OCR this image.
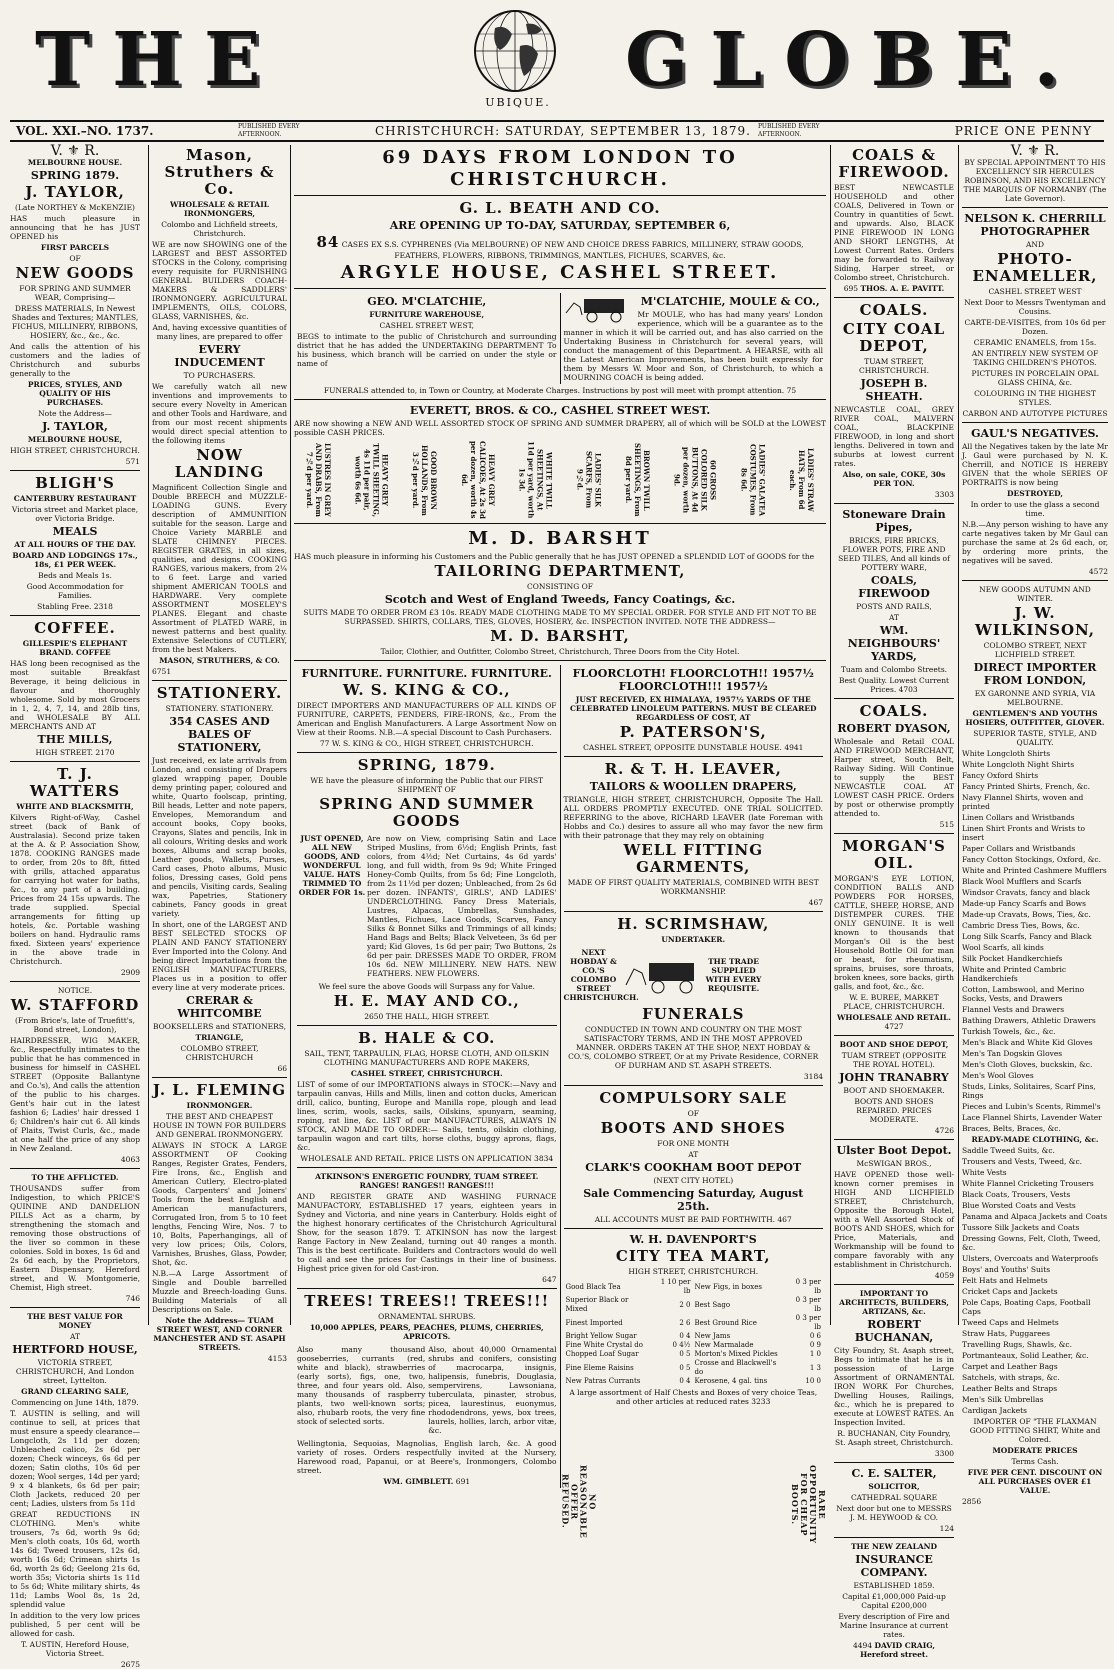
THE	UBIQUE. GLOBE.
VOL. XXI.–NO. 1737.	PUBLISHED EVERY AFTERNOON.	CHRISTCHURCH: SATURDAY, SEPTEMBER 13, 1879. PUBLISHED EVERY AFTERNOON.	PRICE ONE PENNY

V. ⚜ R.

MELBOURNE HOUSE.

SPRING 1879.

J. TAYLOR,

(Late NORTHEY & McKENZIE)

HAS much pleasure in announcing that he has JUST OPENED his

FIRST PARCELS

OF

NEW GOODS

FOR SPRING AND SUMMER WEAR, Comprising—

DRESS MATERIALS, In Newest Shades and Textures; MANTLES, FICHUS, MILLINERY, RIBBONS, HOSIERY, &c., &c., &c.

And calls the attention of his customers and the ladies of Christchurch and suburbs generally to the

PRICES, STYLES, AND QUALITY OF HIS PURCHASES.

Note the Address—

J. TAYLOR,

MELBOURNE HOUSE,

HIGH STREET, CHRISTCHURCH.

571

BLIGH'S

CANTERBURY RESTAURANT

Victoria street and Market place, over Victoria Bridge.

MEALS

AT ALL HOURS OF THE DAY.

BOARD AND LODGINGS 17s., 18s, £1 PER WEEK.

Beds and Meals 1s.

Good Accommodation for Families.

Stabling Free. 2318

COFFEE.

GILLESPIE'S ELEPHANT BRAND. COFFEE

HAS long been recognised as the most suitable Breakfast Beverage, it being delicious in flavour and thoroughly wholesome. Sold by most Grocers in 1, 2, 4, 7, 14, and 28lb tins, and WHOLESALE BY ALL MERCHANTS AND AT

THE MILLS,

HIGH STREET. 2170

T. J. WATTERS

WHITE AND BLACKSMITH,

Kilvers Right-of-Way, Cashel street (back of Bank of Australasia). Second prize taken at the A. & P. Association Show, 1878. COOKING RANGES made to order, from 20s to 8ft, fitted with grills, attached apparatus for carrying hot water for baths, &c., to any part of a building. Prices from 24 15s upwards. The trade supplied. Special arrangements for fitting up hotels, &c. Portable washing boilers on hand. Hydraulic rams fixed. Sixteen years' experience in the above trade in Christchurch.

2909

NOTICE.

W. STAFFORD

(From Brice's, late of Truefitt's, Bond street, London),

HAIRDRESSER, WIG MAKER, &c., Respectfully intimates to the public that he has commenced in business for himself in CASHEL STREET (Opposite Ballantyne and Co.'s), And calls the attention of the public to his charges. Gent's hair cut in the latest fashion 6; Ladies' hair dressed 1 6; Children's hair cut 6. All kinds of Plaits, Twist Curls, &c., made at one half the price of any shop in New Zealand.

4063

TO THE AFFLICTED.

THOUSANDS suffer from Indigestion, to which PRICE'S QUININE AND DANDELION PILLS Act as a charm, by strengthening the stomach and removing those obstructions of the liver so common in these colonies. Sold in boxes, 1s 6d and 2s 6d each, by the Proprietors, Eastern Dispensary, Hereford street, and W. Montgomerie, Chemist, High street.

746

THE BEST VALUE FOR MONEY

AT

HERTFORD HOUSE,

VICTORIA STREET, CHRISTCHURCH, And London street, Lyttelton.

GRAND CLEARING SALE,

Commencing on June 14th, 1879.

T. AUSTIN is selling, and will continue to sell, at prices that must ensure a speedy clearance— Longcloth, 2s 11d per dozen; Unbleached calico, 2s 6d per dozen; Check winceys, 6s 6d per dozen; Satin cloths, 10s 6d per dozen; Wool serges, 14d per yard; 9 x 4 blankets, 6s 6d per pair; Cloth Jackets, reduced 20 per cent; Ladies, ulsters from 5s 11d

GREAT REDUCTIONS IN CLOTHING. Men's white trousers, 7s 6d, worth 9s 6d; Men's cloth coats, 10s 6d, worth 14s 6d; Tweed trousers, 12s 6d, worth 16s 6d; Crimean shirts 1s 6d, worth 2s 6d; Geelong 21s 6d, worth 35s; Victoria shirts 1s 11d to 5s 6d; White military shirts, 4s 11d; Lambs Wool 8s, 1s 2d, splendid value

In addition to the very low prices published, 5 per cent will be allowed for cash.

T. AUSTIN, Hereford House, Victoria Street.

2675

Mason, Struthers & Co.

WHOLESALE & RETAIL IRONMONGERS,

Colombo and Lichfield streets, Christchurch.

WE are now SHOWING one of the LARGEST and BEST ASSORTED STOCKS in the Colony, comprising every requisite for FURNISHING GENERAL BUILDERS COACH-MAKERS & SADDLERS' IRONMONGERY. AGRICULTURAL IMPLEMENTS, OILS, COLORS, GLASS, VARNISHES, &c.

And, having excessive quantities of many lines, are prepared to offer

EVERY INDUCEMENT

TO PURCHASERS.

We carefully watch all new inventions and improvements to secure every Novelty in American and other Tools and Hardware, and from our most recent shipments would direct special attention to the following items

NOW LANDING

Magnificent Collection Single and Double BREECH and MUZZLE-LOADING GUNS. Every description of AMMUNITION suitable for the season. Large and Choice Variety MARBLE and SLATE CHIMNEY PIECES. REGISTER GRATES, in all sizes, qualities, and designs. COOKING RANGES, various makers, from 2¼ to 6 feet. Large and varied shipment AMERICAN TOOLS and HARDWARE. Very complete ASSORTMENT MOSELEY'S PLANES. Elegant and chaste Assortment of PLATED WARE, in newest patterns and best quality. Extensive Selections of CUTLERY, from the best Makers.

MASON, STRUTHERS, & CO.

6751

STATIONERY.

STATIONERY. STATIONERY.

354 CASES AND BALES OF STATIONERY,

Just received, ex late arrivals from London, and consisting of Drapers glazed wrapping paper, Double demy printing paper, coloured and white, Quarto foolscap, printing, Bill heads, Letter and note papers, Envelopes, Memorandum and account books, Copy books, Crayons, Slates and pencils, Ink in all colours, Writing desks and work boxes, Albums and scrap books, Leather goods, Wallets, Purses, Card cases, Photo albums, Music folios, Dressing cases, Gold pens and pencils, Visiting cards, Sealing wax, Papetries, Stationery cabinets, Fancy goods in great variety.

In short, one of the LARGEST AND BEST SELECTED STOCKS OF PLAIN AND FANCY STATIONERY Ever Imported into the Colony. And being direct Importations from the ENGLISH MANUFACTURERS, Places us in a position to offer every line at very moderate prices.

CRERAR & WHITCOMBE

BOOKSELLERS and STATIONERS,

TRIANGLE,

COLOMBO STREET, CHRISTCHURCH

66

J. L. FLEMING

IRONMONGER.

THE BEST AND CHEAPEST HOUSE IN TOWN FOR BUILDERS AND GENERAL IRONMONGERY.

ALWAYS IN STOCK A LARGE ASSORTMENT OF Cooking Ranges, Register Grates, Fenders, Fire Irons, &c., English and American Cutlery, Electro-plated Goods, Carpenters' and Joiners' Tools from the best English and American manufacturers, Corrugated Iron, from 5 to 10 feet lengths, Fencing Wire, Nos. 7 to 10, Bolts, Paperhangings, all of very low prices; Oils, Colors, Varnishes, Brushes, Glass, Powder, Shot, &c.

N.B.—A Large Assortment of Single and Double barrelled Muzzle and Breech-loading Guns. Building Materials of all Descriptions on Sale.

Note the Address— TUAM STREET WEST, AND CORNER MANCHESTER AND ST. ASAPH STREETS.

4153

69 DAYS FROM LONDON TO CHRISTCHURCH.

G. L. BEATH AND CO.

ARE OPENING UP TO-DAY, SATURDAY, SEPTEMBER 6,

84 CASES EX S.S. CYPHRENES (Via MELBOURNE) OF NEW AND CHOICE DRESS FABRICS, MILLINERY, STRAW GOODS, FEATHERS, FLOWERS, RIBBONS, TRIMMINGS, MANTLES, FICHUES, SCARVES, &c.

ARGYLE HOUSE, CASHEL STREET.

GEO. M'CLATCHIE,

FURNITURE WAREHOUSE,

CASHEL STREET WEST,

BEGS to intimate to the public of Christchurch and surrounding district that he has added the UNDERTAKING DEPARTMENT To his business, which branch will be carried on under the style or name of

M'CLATCHIE, MOULE & CO.,

Mr MOULE, who has had many years' London experience, which will be a guarantee as to the manner in which it will be carried out, and has also carried on the Undertaking Business in Christchurch for several years, will conduct the management of this Department. A HEARSE, with all the Latest American Improvements, has been built expressly for them by Messrs W. Moor and Son, of Christchurch, to which a MOURNING COACH is being added.

FUNERALS attended to, in Town or Country, at Moderate Charges. Instructions by post will meet with prompt attention. 75

EVERETT, BROS. & CO., CASHEL STREET WEST.

ARE now showing a NEW AND WELL ASSORTED STOCK OF SPRING AND SUMMER DRAPERY, all of which will be SOLD at the LOWEST possible CASH PRICES.

LUSTRES IN GREY AND DRABS, From 7½d per yard.	HEAVY GREY TWILL SHEETING, 4s 11d per pair, worth 6s 6d.	GOOD BROWN HOLLANDS, From 3½d per yard.	HEAVY GREY CALICOES, At 2s 3d per dozen, worth 4s 6d.	WHITE TWILL SHEETINGS, At 11d per yard, worth 1s 3d.	LADIES' SILK SCARFS, From 9½d.	BROWN TWILL SHEETINGS, From 8d per yard.	60 GROSS COLORED SILK BUTTONS, At 4d per dozen, worth 9d.	LADIES' GALATEA COSTUMES, From 8s 6d.	LADIES' STRAW HATS, From 6d each.

M. D. BARSHT

HAS much pleasure in informing his Customers and the Public generally that he has JUST OPENED a SPLENDID LOT of GOODS for the

TAILORING DEPARTMENT,

CONSISTING OF

Scotch and West of England Tweeds, Fancy Coatings, &c.

SUITS MADE TO ORDER FROM £3 10s. READY MADE CLOTHING MADE TO MY SPECIAL ORDER. FOR STYLE AND FIT NOT TO BE SURPASSED. SHIRTS, COLLARS, TIES, GLOVES, HOSIERY, &c. INSPECTION INVITED. NOTE THE ADDRESS—

M. D. BARSHT,

Tailor, Clothier, and Outfitter, Colombo Street, Christchurch, Three Doors from the City Hotel.

FURNITURE. FURNITURE. FURNITURE.

W. S. KING & CO.,

DIRECT IMPORTERS AND MANUFACTURERS OF ALL KINDS OF FURNITURE, CARPETS, FENDERS, FIRE-IRONS, &c., From the American and English Manufacturers. A Large Assortment Now on View at their Rooms. N.B.—A special Discount to Cash Purchasers.

77 W. S. KING & CO., HIGH STREET, CHRISTCHURCH.

SPRING, 1879.

WE have the pleasure of informing the Public that our FIRST SHIPMENT OF

SPRING AND SUMMER GOODS

JUST OPENED, ALL NEW GOODS, AND WONDERFUL VALUE. HATS TRIMMED TO ORDER FOR 1s.

Are now on View, comprising Satin and Lace Striped Muslins, from 6½d; English Prints, fast colors, from 4½d; Net Curtains, 4s 6d yards' long, and full width, from 9s 9d; White Fringed Honey-Comb Quilts, from 5s 6d; Fine Longcloth, from 2s 11½d per dozen; Unbleached, from 2s 6d per dozen. INFANTS', GIRLS', AND LADIES' UNDERCLOTHING. Fancy Dress Materials, Lustres, Alpacas, Umbrellas, Sunshades, Mantles, Fichues, Lace Goods, Scarves, Fancy Silks & Bonnet Silks and Trimmings of all kinds; Hand Bags and Belts; Black Velveteen, 3s 6d per yard; Kid Gloves, 1s 6d per pair; Two Buttons, 2s 6d per pair. DRESSES MADE TO ORDER, FROM 10s 6d. NEW MILLINERY. NEW HATS. NEW FEATHERS. NEW FLOWERS.

We feel sure the above Goods will Surpass any for Value.

H. E. MAY AND CO.,

2650 THE HALL, HIGH STREET.

B. HALE & CO.

SAIL, TENT, TARPAULIN, FLAG, HORSE CLOTH, AND OILSKIN CLOTHING MANUFACTURERS AND ROPE MAKERS,

CASHEL STREET, CHRISTCHURCH.

LIST of some of our IMPORTATIONS always in STOCK:—Navy and tarpaulin canvas, Hills and Mills, linen and cotton ducks, American drill, calico, bunting, Europe and Manilla rope, plough and lead lines, scrim, wools, sacks, sails, Oilskins, spunyarn, seaming, roping, rat line, &c. LIST of our MANUFACTURES, ALWAYS IN STOCK, AND MADE TO ORDER:— Sails, tents, oilskin clothing, tarpaulin wagon and cart tilts, horse cloths, buggy aprons, flags, &c.

WHOLESALE AND RETAIL. PRICE LISTS ON APPLICATION 3834

ATKINSON'S ENERGETIC FOUNDRY, TUAM STREET. RANGES! RANGES!! RANGES!!!

AND REGISTER GRATE AND WASHING FURNACE MANUFACTORY, ESTABLISHED 17 years, eighteen years in Sydney and Victoria, and nine years in Canterbury. Holds eight of the highest honorary certificates of the Christchurch Agricultural Show, for the season 1879. T. ATKINSON has now the largest Range Factory in New Zealand, turning out 40 ranges a month. This is the best certificate. Builders and Contractors would do well to call and see the prices for Castings in their line of business. Highest price given for old Cast-iron.

647

TREES! TREES!! TREES!!!

ORNAMENTAL SHRUBS.

10,000 APPLES, PEARS, PEACHES, PLUMS, CHERRIES, APRICOTS.

Also many thousand gooseberries, currants (red, white and black), strawberries (early sorts), figs, one, two, three, and four years old. Also, many thousands of raspberry plants, two well-known sorts; also, rhubarb roots, the very fine stock of selected sorts.

Also, about 40,000 Ornamental shrubs and conifers, consisting of macrocarpa, insignis, halipensis, funebris, Douglasia, sempervirens, Lawsoniana, tuberculata, pinaster, strobus, picea, laurestinus, euonymus, rhododendrons, yews, box trees, laurels, hollies, larch, arbor vitæ, &c.

Wellingtonia, Sequoias, Magnolias, English larch, &c. A good variety of roses. Orders respectfully invited at the Nursery, Harewood road, Papanui, or at Beere's, Ironmongers, Colombo street.

WM. GIMBLETT. 691

FLOORCLOTH! FLOORCLOTH!! 1957½ FLOORCLOTH!!! 1957½

JUST RECEIVED, EX HIMALAYA, 1957½ YARDS OF THE CELEBRATED LINOLEUM PATTERNS. MUST BE CLEARED REGARDLESS OF COST, AT

P. PATERSON'S,

CASHEL STREET, OPPOSITE DUNSTABLE HOUSE. 4941

R. & T. H. LEAVER,

TAILORS & WOOLLEN DRAPERS,

TRIANGLE, HIGH STREET, CHRISTCHURCH, Opposite The Hall. ALL ORDERS PROMPTLY EXECUTED. ONE TRIAL SOLICITED. REFERRING to the above, RICHARD LEAVER (late Foreman with Hobbs and Co.) desires to assure all who may favor the new firm with their patronage that they may rely on obtaining

WELL FITTING GARMENTS,

MADE OF FIRST QUALITY MATERIALS, COMBINED WITH BEST WORKMANSHIP.

467

H. SCRIMSHAW,

UNDERTAKER.

NEXT HOBDAY & CO.'S COLOMBO STREET CHRISTCHURCH.

THE TRADE SUPPLIED WITH EVERY REQUISITE.

FUNERALS

CONDUCTED IN TOWN AND COUNTRY ON THE MOST SATISFACTORY TERMS, AND IN THE MOST APPROVED MANNER. ORDERS TAKEN AT THE SHOP, NEXT HOBDAY & CO.'S, COLOMBO STREET, Or at my Private Residence, CORNER OF DURHAM AND ST. ASAPH STREETS.

3184

NO REASONABLE OFFER REFUSED.	RARE OPPORTUNITY FOR CHEAP BOOTS.

COMPULSORY SALE

OF

BOOTS AND SHOES

FOR ONE MONTH

AT

CLARK'S COOKHAM BOOT DEPOT

(NEXT CITY HOTEL)

Sale Commencing Saturday, August 25th.

ALL ACCOUNTS MUST BE PAID FORTHWITH. 467

W. H. DAVENPORT'S

CITY TEA MART,

HIGH STREET, CHRISTCHURCH.

Good Black Tea	1 10 per lb	New Figs, in boxes	0 3 per lb
Superior Black or Mixed	2 0	Best Sago	0 3 per lb
Finest Imported	2 6	Best Ground Rice	0 3 per lb
Bright Yellow Sugar	0 4	New Jams	0 6
Fine White Crystal do	0 4½	New Marmalade	0 9
Chopped Loaf Sugar	0 5	Morton's Mixed Pickles	1 0
Fine Eleme Raisins	0 5	Crosse and Blackwell's do	1 3
New Patras Currants	0 4	Kerosene, 4 gal. tins	10 0

A large assortment of Half Chests and Boxes of very choice Teas, and other articles at reduced rates 3233

COALS & FIREWOOD.

BEST NEWCASTLE HOUSEHOLD and other COALS, Delivered in Town or Country in quantities of 5cwt. and upwards. Also, BLACK PINE FIREWOOD IN LONG AND SHORT LENGTHS, At Lowest Current Rates. Orders may be forwarded to Railway Siding, Harper street, or Colombo street, Christchurch.

695 THOS. A. E. PAVITT.

COALS.

CITY COAL DEPOT,

TUAM STREET, CHRISTCHURCH.

JOSEPH B. SHEATH.

NEWCASTLE COAL, GREY RIVER COAL, MALVERN COAL, BLACKPINE FIREWOOD, in long and short lengths. Delivered in town and suburbs at lowest current rates.

Also, on sale, COKE, 30s PER TON.

3303

Stoneware Drain Pipes,

BRICKS, FIRE BRICKS, FLOWER POTS, FIRE AND SEED TILES, And all kinds of POTTERY WARE,

COALS, FIREWOOD

POSTS AND RAILS,

AT

WM. NEIGHBOURS' YARDS,

Tuam and Colombo Streets.

Best Quality. Lowest Current Prices. 4703

COALS.

ROBERT DYASON,

Wholesale and Retail COAL AND FIREWOOD MERCHANT, Harper street, South Belt, Railway Siding. Will Continue to supply the BEST NEWCASTLE COAL AT LOWEST CASH PRICE. Orders by post or otherwise promptly attended to.

515

MORGAN'S OIL.

MORGAN'S EYE LOTION, CONDITION BALLS AND POWDERS FOR HORSES, CATTLE, SHEEP, HORSE, AND DISTEMPER CURES. THE ONLY GENUINE. It is well known to thousands that Morgan's Oil is the best Household Bottle Oil for man or beast, for rheumatism, sprains, bruises, sore throats, broken knees, sore backs, girth galls, and foot, &c., &c.

W. E. BUREE, MARKET PLACE, CHRISTCHURCH.

WHOLESALE AND RETAIL. 4727

BOOT AND SHOE DEPOT,

TUAM STREET (OPPOSITE THE ROYAL HOTEL).

JOHN TRANABRY

BOOT AND SHOEMAKER.

BOOTS AND SHOES REPAIRED. PRICES MODERATE.

4726

Ulster Boot Depot.

McSWIGAN BROS.,

HAVE OPENED those well-known corner premises in HIGH AND LICHFIELD STREET, Christchurch, Opposite the Borough Hotel, with a Well Assorted Stock of BOOTS AND SHOES, which for Price, Materials, and Workmanship will be found to compare favorably with any establishment in Christchurch.

4059

IMPORTANT TO ARCHITECTS, BUILDERS, ARTIZANS, &c.

ROBERT BUCHANAN,

City Foundry, St. Asaph street, Begs to intimate that he is in possession of Large Assortment of ORNAMENTAL IRON WORK For Churches, Dwelling Houses, Railings, &c., which he is prepared to execute at LOWEST RATES. An Inspection Invited.

R. BUCHANAN, City Foundry, St. Asaph street, Christchurch.

3300

C. E. SALTER,

SOLICITOR,

CATHEDRAL SQUARE

Next door but one to MESSRS J. M. HEYWOOD & CO.

124

THE NEW ZEALAND

INSURANCE COMPANY.

ESTABLISHED 1859.

Capital £1,000,000 Paid-up Capital £200,000

Every description of Fire and Marine Insurance at current rates.

4494 DAVID CRAIG, Hereford street.

V. ⚜ R.

BY SPECIAL APPOINTMENT TO HIS EXCELLENCY SIR HERCULES ROBINSON, AND HIS EXCELLENCY THE MARQUIS OF NORMANBY (The Late Governor).

NELSON K. CHERRILL PHOTOGRAPHER

AND

PHOTO-ENAMELLER,

CASHEL STREET WEST

Next Door to Messrs Twentyman and Cousins.

CARTE-DE-VISITES, from 10s 6d per Dozen.

CERAMIC ENAMELS, from 15s.

AN ENTIRELY NEW SYSTEM OF TAKING CHILDREN'S PHOTOS.

PICTURES IN PORCELAIN OPAL GLASS CHINA, &c.

COLOURING IN THE HIGHEST STYLES.

CARBON AND AUTOTYPE PICTURES

GAUL'S NEGATIVES.

All the Negatives taken by the late Mr J. Gaul were purchased by N. K. Cherrill, and NOTICE IS HEREBY GIVEN that the whole SERIES OF PORTRAITS is now being

DESTROYED,

In order to use the glass a second time.

N.B.—Any person wishing to have any carte negatives taken by Mr Gaul can purchase the same at 2s 6d each, or, by ordering more prints, the negatives will be saved.

4572

NEW GOODS AUTUMN AND WINTER.

J. W. WILKINSON,

COLOMBO STREET, NEXT LICHFIELD STREET.

DIRECT IMPORTER FROM LONDON,

EX GARONNE AND SYRIA, VIA MELBOURNE.

GENTLEMEN'S AND YOUTHS HOSIERS, OUTFITTER, GLOVER.

SUPERIOR TASTE, STYLE, AND QUALITY.

White Longcloth Shirts

White Longcloth Night Shirts

Fancy Oxford Shirts

Fancy Printed Shirts, French, &c.

Navy Flannel Shirts, woven and printed

Linen Collars and Wristbands

Linen Shirt Fronts and Wrists to insert

Paper Collars and Wristbands

Fancy Cotton Stockings, Oxford, &c.

White and Printed Cashmere Mufflers

Black Wool Mufflers and Scarfs

Windsor Cravats, fancy and black

Made-up Fancy Scarfs and Bows

Made-up Cravats, Bows, Ties, &c.

Cambric Dress Ties, Bows, &c.

Long Silk Scarfs, Fancy and Black

Wool Scarfs, all kinds

Silk Pocket Handkerchiefs

White and Printed Cambric Handkerchiefs

Cotton, Lambswool, and Merino Socks, Vests, and Drawers

Flannel Vests and Drawers

Bathing Drawers, Athletic Drawers

Turkish Towels, &c., &c.

Men's Black and White Kid Gloves

Men's Tan Dogskin Gloves

Men's Cloth Gloves, buckskin, &c.

Men's Wool Gloves

Studs, Links, Solitaires, Scarf Pins, Rings

Pieces and Lubin's Scents, Rimmel's

Lace Flannel Shirts, Lavender Water

Braces, Belts, Braces, &c.

READY-MADE CLOTHING, &c.

Saddle Tweed Suits, &c.

Trousers and Vests, Tweed, &c.

White Vests

White Flannel Cricketing Trousers

Black Coats, Trousers, Vests

Blue Worsted Coats and Vests

Panama and Alpaca Jackets and Coats

Tussore Silk Jackets and Coats

Dressing Gowns, Felt, Cloth, Tweed, &c.

Ulsters, Overcoats and Waterproofs

Boys' and Youths' Suits

Felt Hats and Helmets

Cricket Caps and Jackets

Pole Caps, Boating Caps, Football Caps

Tweed Caps and Helmets

Straw Hats, Puggarees

Travelling Rugs, Shawls, &c.

Portmanteaux, Solid Leather, &c.

Carpet and Leather Bags

Satchels, with straps, &c.

Leather Belts and Straps

Men's Silk Umbrellas

Cardigan Jackets

IMPORTER OF "THE FLAXMAN GOOD FITTING SHIRT, White and Colored.

MODERATE PRICES

Terms Cash.

FIVE PER CENT. DISCOUNT ON ALL PURCHASES OVER £1 VALUE.

2856
